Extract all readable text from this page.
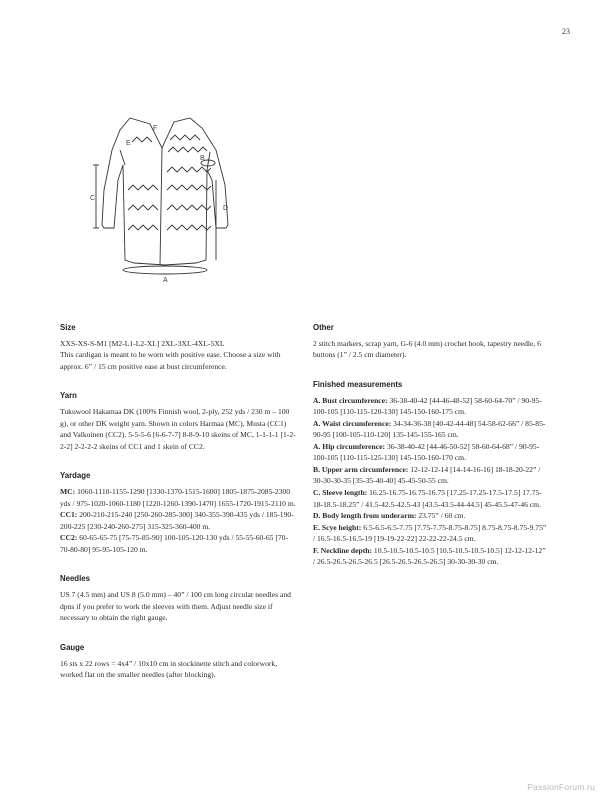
23
A
B
C
D
E
F
Size

XXS-XS-S-M1 [M2-L1-L2-XL] 2XL-3XL-4XL-5XL

This cardigan is meant to be worn with positive ease. Choose a size with approx. 6” / 15 cm positive ease at bust circumference.

Yarn

Tukuwool Hakamaa DK (100% Finnish wool, 2-ply, 252 yds / 230 m – 100 g), or other DK weight yarn. Shown in colors Harmaa (MC), Musta (CC1) and Valkoinen (CC2). 5-5-5-6 [6-6-7-7] 8-8-9-10 skeins of MC, 1-1-1-1 [1-2-2-2] 2-2-2-2 skeins of CC1 and 1 skein of CC2.

Yardage

MC: 1060-1110-1155-1290 [1330-1370-1515-1600] 1805-1875-2085-2300 yds / 975-1020-1060-1180 [1220-1260-1390-1470] 1655-1720-1915-2110 m.

CC1: 200-210-215-240 [250-260-285-300] 340-355-390-435 yds / 185-190-200-225 [230-240-260-275] 315-325-360-400 m.

CC2: 60-65-65-75 [75-75-85-90] 100-105-120-130 yds / 55-55-60-65 [70-70-80-80] 95-95-105-120 m.

Needles

US 7 (4.5 mm) and US 8 (5.0 mm) – 40” / 100 cm long circular needles and dpns if you prefer to work the sleeves with them. Adjust needle size if necessary to obtain the right gauge.

Gauge

16 sts x 22 rows = 4x4” / 10x10 cm in stockinette stitch and colorwork, worked flat on the smaller needles (after blocking).

Other

2 stitch markers, scrap yarn, G-6 (4.0 mm) crochet hook, tapestry needle, 6 buttons (1” / 2.5 cm diameter).

Finished measurements

A. Bust circumference: 36-38-40-42 [44-46-48-52] 58-60-64-70” / 90-95-100-105 [110-115-120-130] 145-150-160-175 cm.

A. Waist circumference: 34-34-36-38 [40-42-44-48] 54-58-62-66” / 85-85-90-95 [100-105-110-120] 135-145-155-165 cm.

A. Hip circumference: 36-38-40-42 [44-46-50-52] 58-60-64-68” / 90-95-100-105 [110-115-125-130] 145-150-160-170 cm.

B. Upper arm circumference: 12-12-12-14 [14-14-16-16] 18-18-20-22” / 30-30-30-35 [35-35-40-40] 45-45-50-55 cm.

C. Sleeve length: 16.25-16.75-16.75-16.75 [17.25-17.25-17.5-17.5] 17.75-18-18.5-18.25” / 41.5-42.5-42.5-43 [43.5-43.5-44-44.5] 45-45.5-47-46 cm.

D. Body length from underarm: 23.75” / 60 cm.

E. Scye height: 6.5-6.5-6.5-7.75 [7.75-7.75-8.75-8.75] 8.75-8.75-8.75-9.75” / 16.5-16.5-16.5-19 [19-19-22-22] 22-22-22-24.5 cm.

F. Neckline depth: 10.5-10.5-10.5-10.5 [10.5-10.5-10.5-10.5] 12-12-12-12” / 26.5-26.5-26.5-26.5 [26.5-26.5-26.5-26.5] 30-30-30-30 cm.

PassionForum.ru
